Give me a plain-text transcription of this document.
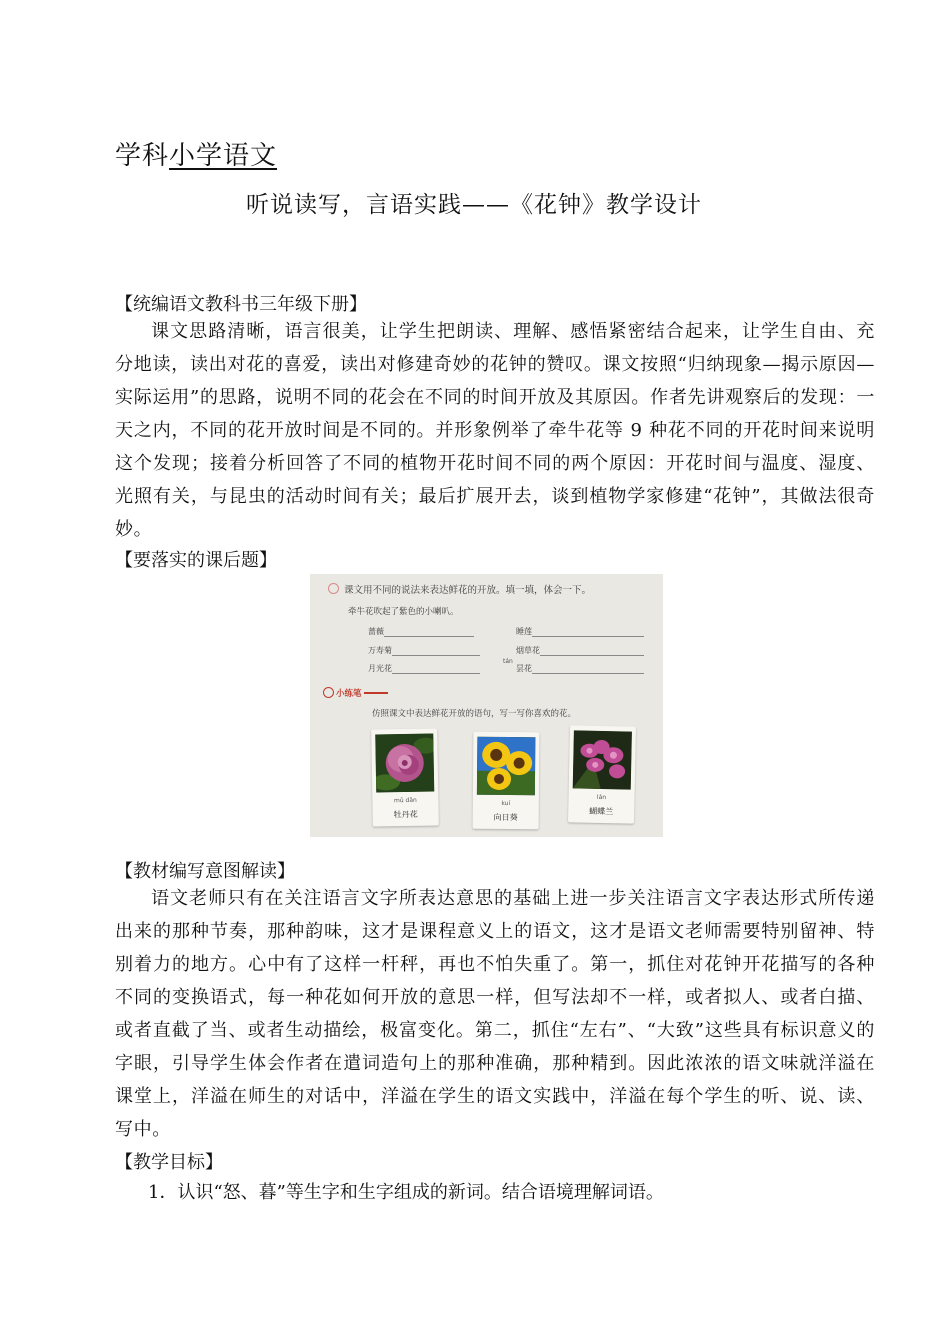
学科小学语文
听说读写，言语实践——《花钟》教学设计
【统编语文教科书三年级下册】
课文思路清晰，语言很美，让学生把朗读、理解、感悟紧密结合起来，让学生自由、充分地读，读出对花的喜爱，读出对修建奇妙的花钟的赞叹。课文按照“归纳现象—揭示原因—实际运用”的思路，说明不同的花会在不同的时间开放及其原因。作者先讲观察后的发现：一天之内，不同的花开放时间是不同的。并形象例举了牵牛花等 9 种花不同的开花时间来说明这个发现；接着分析回答了不同的植物开花时间不同的两个原因：开花时间与温度、湿度、光照有关，与昆虫的活动时间有关；最后扩展开去，谈到植物学家修建“花钟”，其做法很奇妙。
【要落实的课后题】
课文用不同的说法来表达鲜花的开放。填一填，体会一下。
牵牛花吹起了紫色的小喇叭。
蔷薇
万寿菊
月光花
睡莲
烟草花
tán
昙花
小练笔
仿照课文中表达鲜花开放的语句，写一写你喜欢的花。
mǔ dān
牡丹花
kuí
向日葵
lán
蝴蝶兰
【教材编写意图解读】
语文老师只有在关注语言文字所表达意思的基础上进一步关注语言文字表达形式所传递出来的那种节奏，那种韵味，这才是课程意义上的语文，这才是语文老师需要特别留神、特别着力的地方。心中有了这样一杆秤，再也不怕失重了。第一，抓住对花钟开花描写的各种不同的变换语式，每一种花如何开放的意思一样，但写法却不一样，或者拟人、或者白描、或者直截了当、或者生动描绘，极富变化。第二，抓住“左右”、“大致”这些具有标识意义的字眼，引导学生体会作者在遣词造句上的那种准确，那种精到。因此浓浓的语文味就洋溢在课堂上，洋溢在师生的对话中，洋溢在学生的语文实践中，洋溢在每个学生的听、说、读、写中。
【教学目标】
1．认识“怒、暮”等生字和生字组成的新词。结合语境理解词语。
